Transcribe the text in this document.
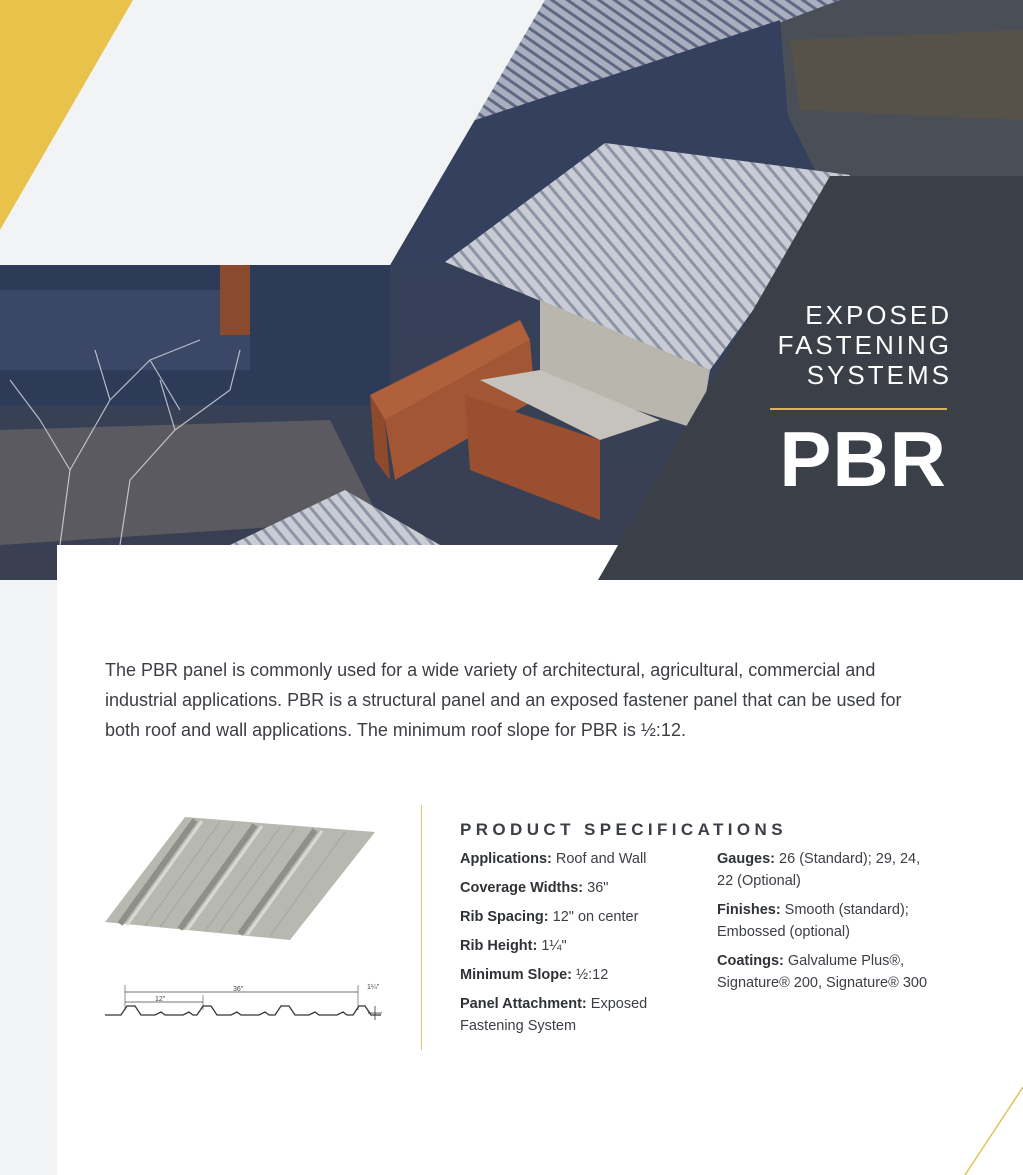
EXPOSED
FASTENING
SYSTEMS
PBR

The PBR panel is commonly used for a wide variety of architectural, agricultural, commercial and industrial applications. PBR is a structural panel and an exposed fastener panel that can be used for both roof and wall applications. The minimum roof slope for PBR is ½:12.

36"
12"
1¼"
PRODUCT SPECIFICATIONS
Applications: Roof and Wall
Coverage Widths: 36"
Rib Spacing: 12" on center
Rib Height: 1¼"
Minimum Slope: ½:12
Panel Attachment: Exposed Fastening System
Gauges: 26 (Standard); 29, 24, 22 (Optional)
Finishes: Smooth (standard); Embossed (optional)
Coatings: Galvalume Plus®, Signature® 200, Signature® 300
